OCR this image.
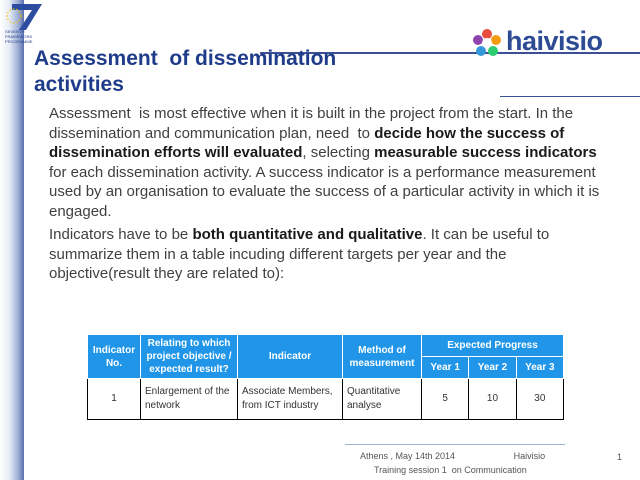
SEVENTH FRAMEWORK PROGRAMME
Assessment  of dissemination
activities
haivisio

Assessment  is most effective when it is built in the project from the start. In the dissemination and communication plan, need  to decide how the success of dissemination efforts will evaluated, selecting measurable success indicators for each dissemination activity. A success indicator is a performance measurement used by an organisation to evaluate the success of a particular activity in which it is engaged.

Indicators have to be both quantitative and qualitative. It can be useful to summarize them in a table incuding different targets per year and the objective(result they are related to):

Indicator No.	Relating to which project objective / expected result?	Indicator	Method of measurement	Expected Progress		
				Year 1	Year 2	Year 3
1	Enlargement of the network	Associate Members, from ICT industry	Quantitative analyse	5	10	30
Athens , May 14th 2014	Haivisio
Training session 1  on Communication
1
